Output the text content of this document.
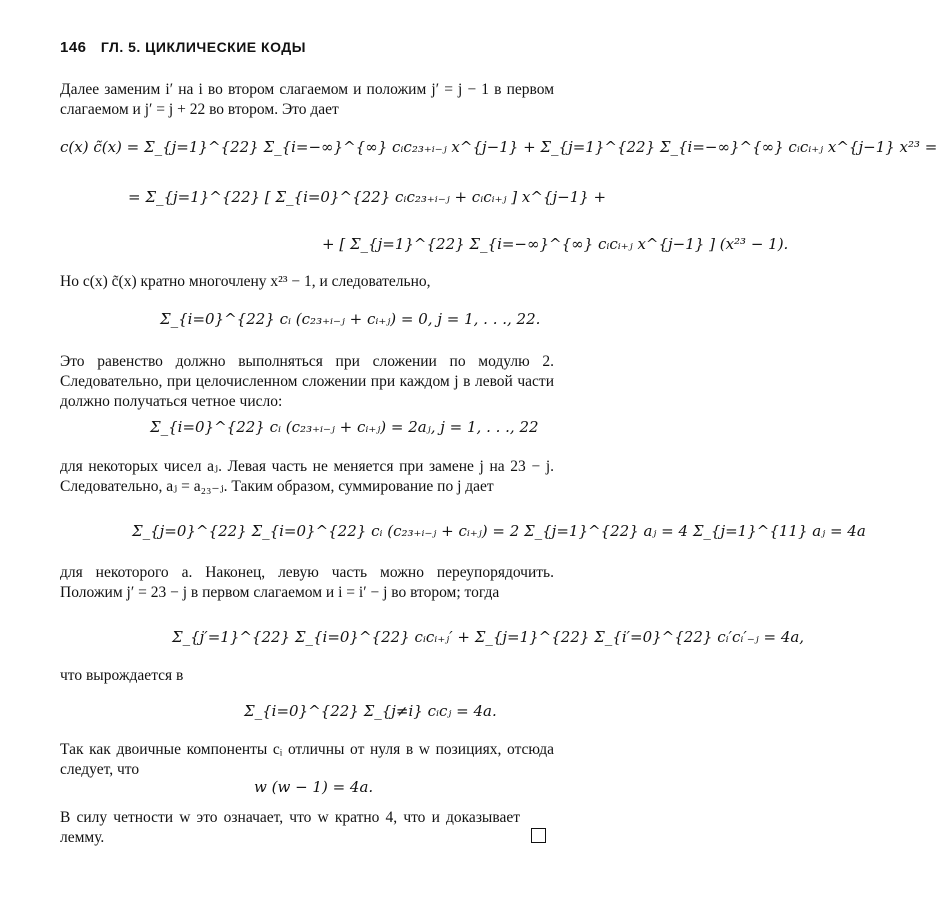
146 ГЛ. 5. ЦИКЛИЧЕСКИЕ КОДЫ

Далее заменим i′ на i во втором слагаемом и положим j′ = j − 1 в первом слагаемом и j′ = j + 22 во втором. Это дает

c(x) c̃(x) = Σ_{j=1}^{22} Σ_{i=−∞}^{∞} cᵢc₂₃₊ᵢ₋ⱼ x^{j−1} + Σ_{j=1}^{22} Σ_{i=−∞}^{∞} cᵢcᵢ₊ⱼ x^{j−1} x²³ =
= Σ_{j=1}^{22} [ Σ_{i=0}^{22} cᵢc₂₃₊ᵢ₋ⱼ + cᵢcᵢ₊ⱼ ] x^{j−1} +
+ [ Σ_{j=1}^{22} Σ_{i=−∞}^{∞} cᵢcᵢ₊ⱼ x^{j−1} ] (x²³ − 1).

Но c(x) c̃(x) кратно многочлену x²³ − 1, и следовательно,

Σ_{i=0}^{22} cᵢ (c₂₃₊ᵢ₋ⱼ + cᵢ₊ⱼ) = 0, j = 1, . . ., 22.

Это равенство должно выполняться при сложении по модулю 2. Следовательно, при целочисленном сложении при каждом j в левой части должно получаться четное число:

Σ_{i=0}^{22} cᵢ (c₂₃₊ᵢ₋ⱼ + cᵢ₊ⱼ) = 2aⱼ, j = 1, . . ., 22

для некоторых чисел aⱼ. Левая часть не меняется при замене j на 23 − j. Следовательно, aⱼ = a₂₃₋ⱼ. Таким образом, суммирование по j дает

Σ_{j=0}^{22} Σ_{i=0}^{22} cᵢ (c₂₃₊ᵢ₋ⱼ + cᵢ₊ⱼ) = 2 Σ_{j=1}^{22} aⱼ = 4 Σ_{j=1}^{11} aⱼ = 4a

для некоторого a. Наконец, левую часть можно переупорядочить. Положим j′ = 23 − j в первом слагаемом и i = i′ − j во втором; тогда

Σ_{j′=1}^{22} Σ_{i=0}^{22} cᵢcᵢ₊ⱼ′ + Σ_{j=1}^{22} Σ_{i′=0}^{22} cᵢ′cᵢ′₋ⱼ = 4a,

что вырождается в

Σ_{i=0}^{22} Σ_{j≠i} cᵢcⱼ = 4a.

Так как двоичные компоненты cᵢ отличны от нуля в w позициях, отсюда следует, что

w (w − 1) = 4a.

В силу четности w это означает, что w кратно 4, что и доказывает лемму.
